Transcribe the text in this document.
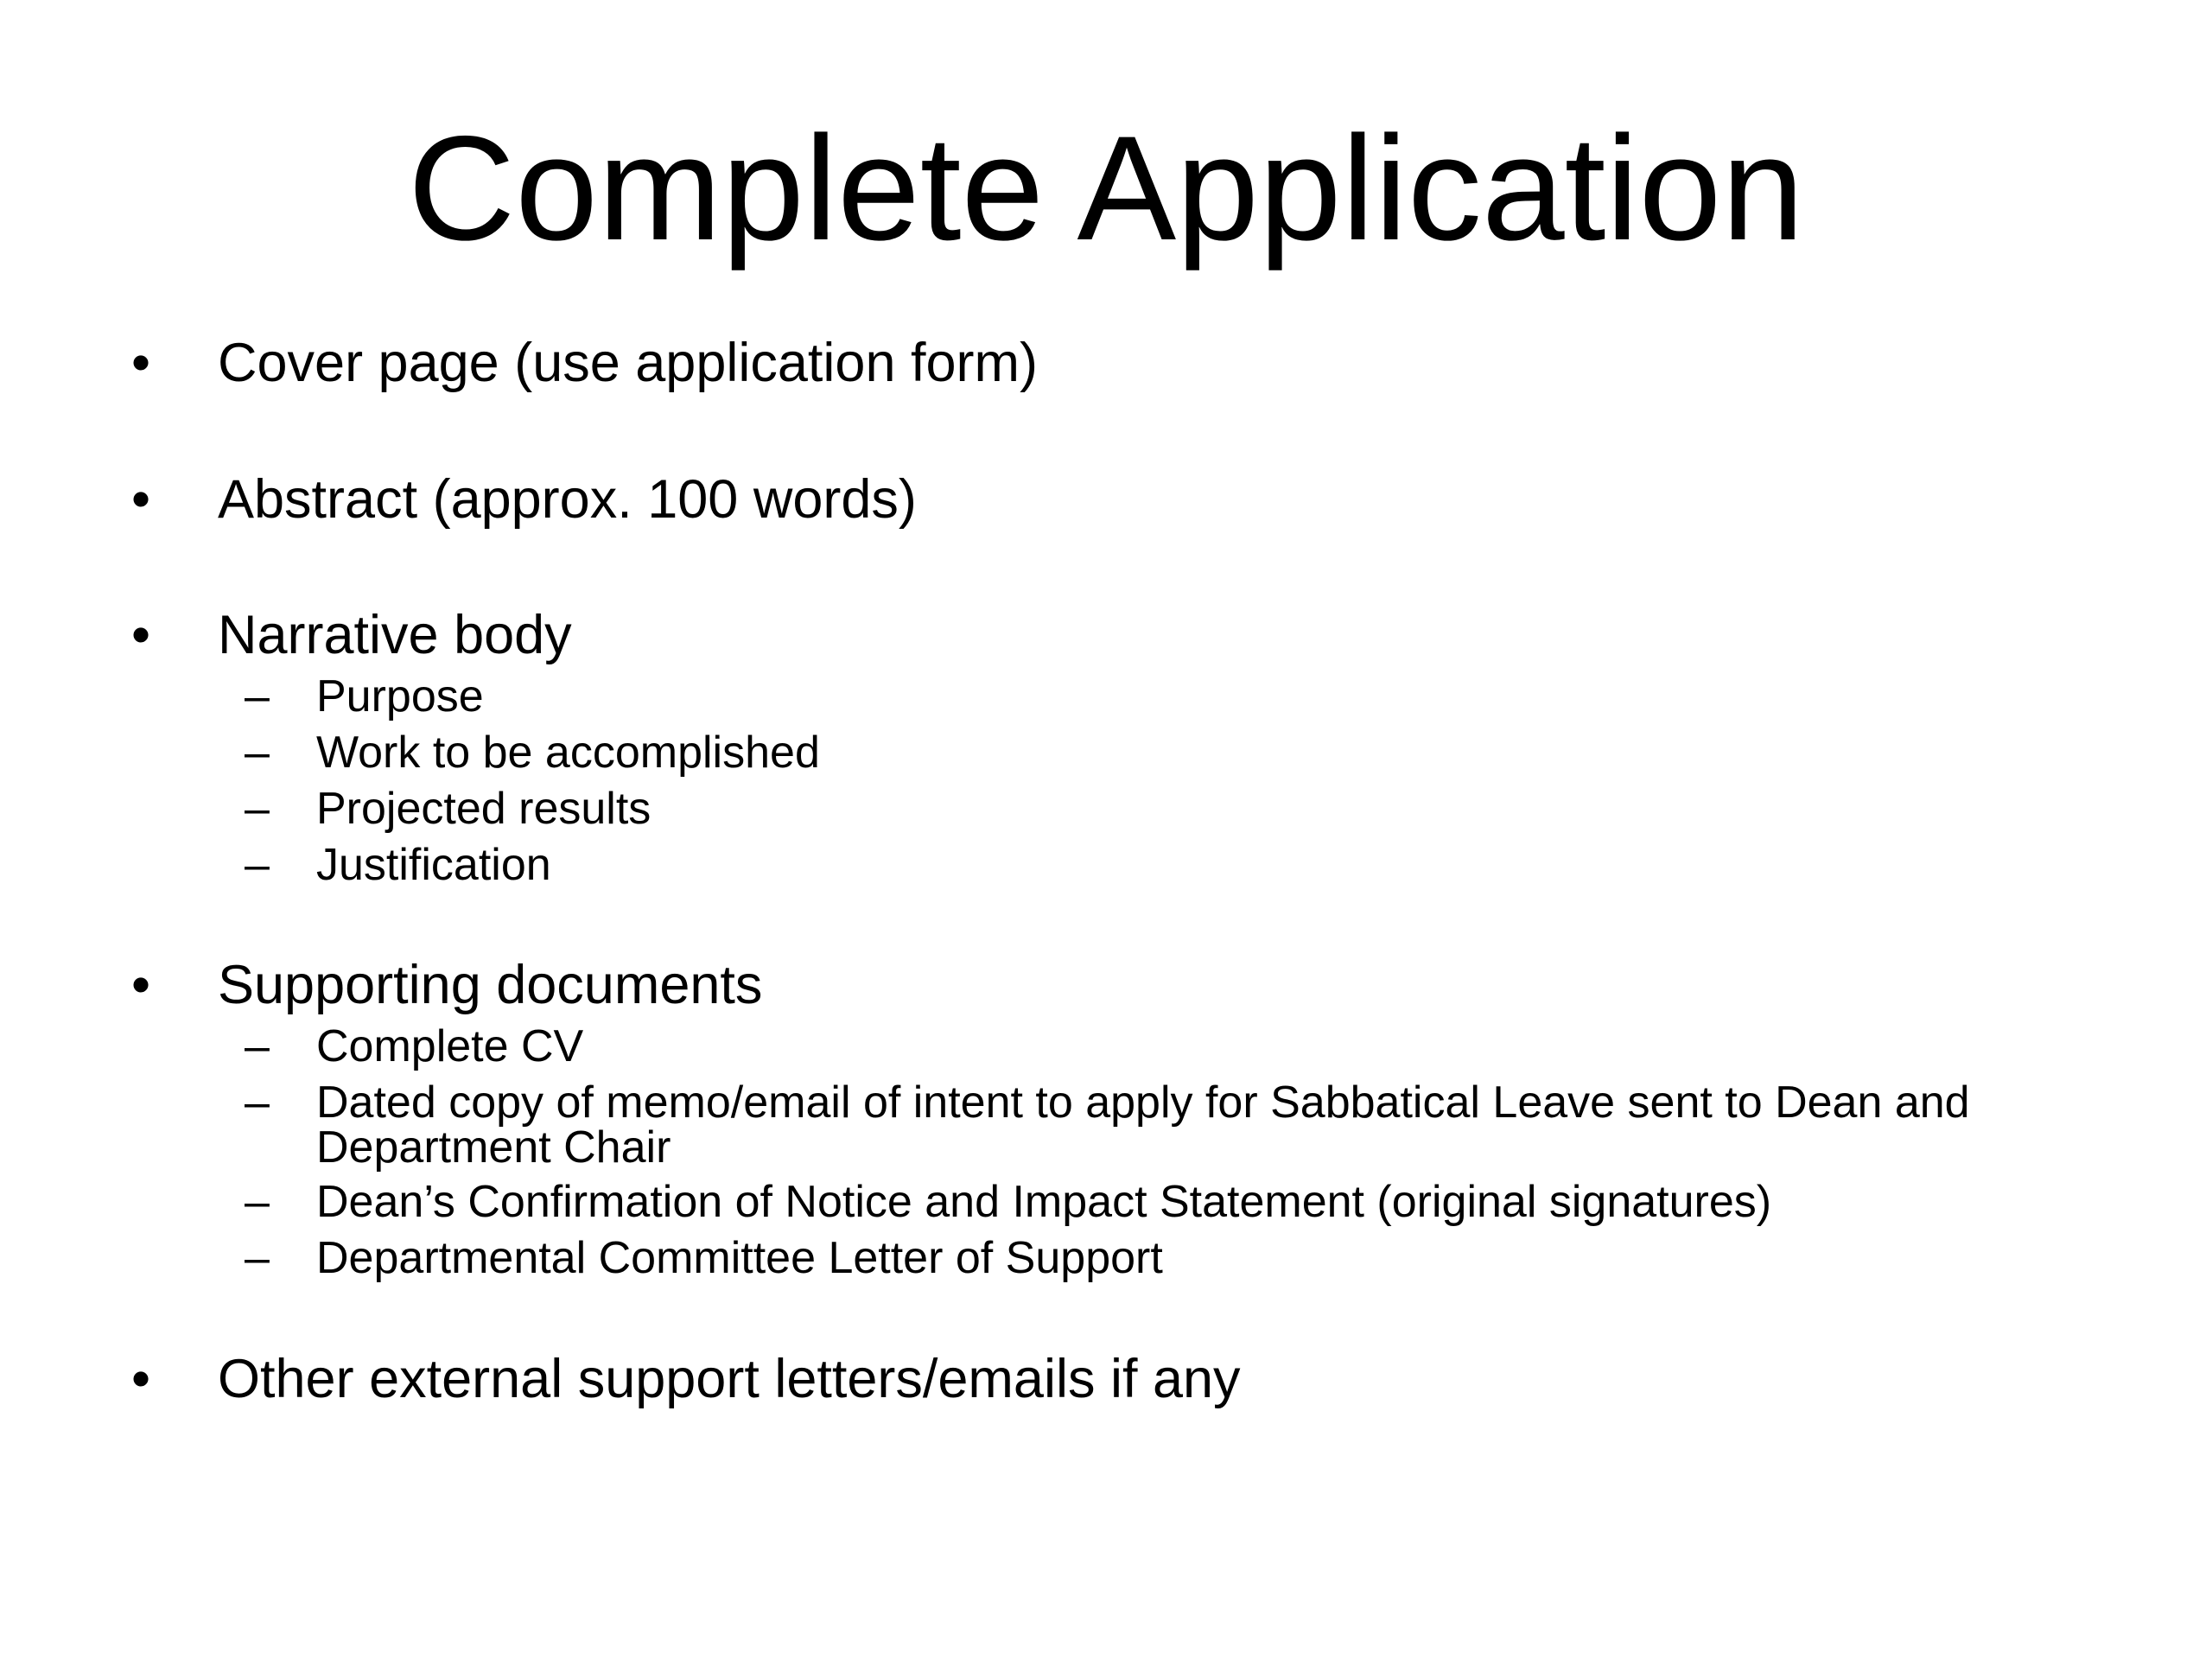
Complete Application
• Cover page (use application form)
• Abstract (approx. 100 words)
• Narrative body
– Purpose
– Work to be accomplished
– Projected results
– Justification
• Supporting documents
– Complete CV
– Dated copy of memo/email of intent to apply for Sabbatical Leave sent to Dean and Department Chair
– Dean’s Confirmation of Notice and Impact Statement (original signatures)
– Departmental Committee Letter of Support
• Other external support letters/emails if any
